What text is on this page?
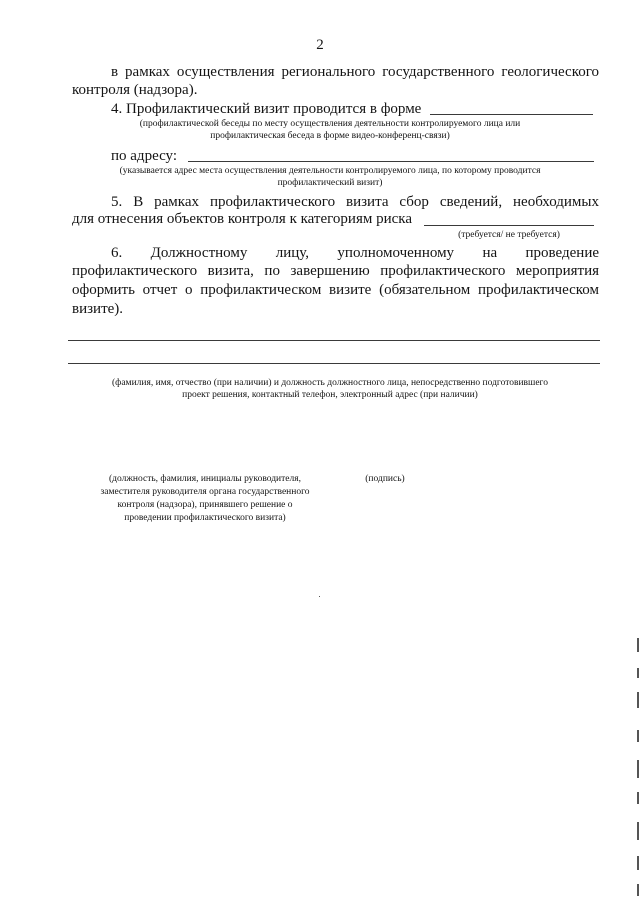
2
в рамках осуществления регионального государственного геологического
контроля (надзора).
4. Профилактический визит проводится в форме
(профилактической беседы по месту осуществления деятельности контролируемого лица или
профилактическая беседа в форме видео-конференц-связи)
по адресу:
(указывается адрес места осуществления деятельности контролируемого лица, по которому проводится
профилактический визит)
5. В рамках профилактического визита сбор сведений, необходимых
для отнесения объектов контроля к категориям риска
(требуется/ не требуется)
6. Должностному лицу, уполномоченному на проведение
профилактического визита, по завершению профилактического мероприятия
оформить отчет о профилактическом визите (обязательном профилактическом
визите).
(фамилия, имя, отчество (при наличии) и должность должностного лица, непосредственно подготовившего
проект решения, контактный телефон, электронный адрес (при наличии)
(должность, фамилия, инициалы руководителя,
заместителя руководителя органа государственного
контроля (надзора), принявшего решение о
проведении профилактического визита)
(подпись)
